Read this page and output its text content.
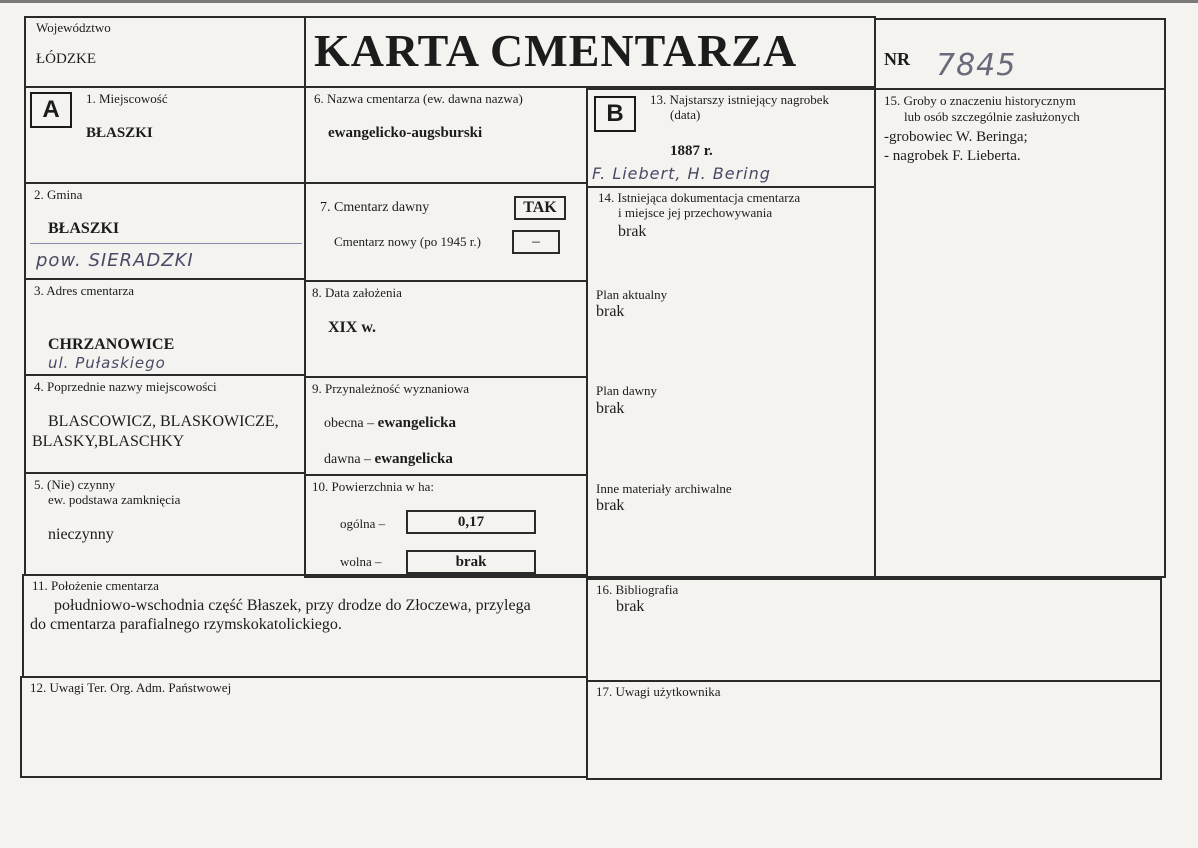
Województwo
ŁÓDZKE	KARTA CMENTARZA	NR 7845
A	1. Miejscowość
BŁASZKI
2. Gmina
BŁASZKI
pow. SIERADZKI
3. Adres cmentarza
CHRZANOWICE
ul. Pułaskiego
4. Poprzednie nazwy miejscowości
BLASCOWICZ, BLASKOWICZE,
BLASKY,BLASCHKY
5. (Nie) czynny
ew. podstawa zamknięcia
nieczynny
6. Nazwa cmentarza (ew. dawna nazwa)
ewangelicko-augsburski
7. Cmentarz dawny	TAK
Cmentarz nowy (po 1945 r.)	–
8. Data założenia
XIX w.
9. Przynależność wyznaniowa
obecna – ewangelicka
dawna – ewangelicka
10. Powierzchnia w ha:
ogólna –	0,17
wolna –	brak
B
13. Najstarszy istniejący nagrobek
(data)
1887 r.
F. Liebert, H. Bering
14. Istniejąca dokumentacja cmentarza
i miejsce jej przechowywania
brak
Plan aktualny
brak
Plan dawny
brak
Inne materiały archiwalne
brak
15. Groby o znaczeniu historycznym
lub osób szczególnie zasłużonych
-grobowiec W. Beringa;
- nagrobek F. Lieberta.
11. Położenie cmentarza
południowo-wschodnia część Błaszek, przy drodze do Złoczewa, przylega
do cmentarza parafialnego rzymskokatolickiego.
16. Bibliografia
brak
12. Uwagi Ter. Org. Adm. Państwowej	17. Uwagi użytkownika
